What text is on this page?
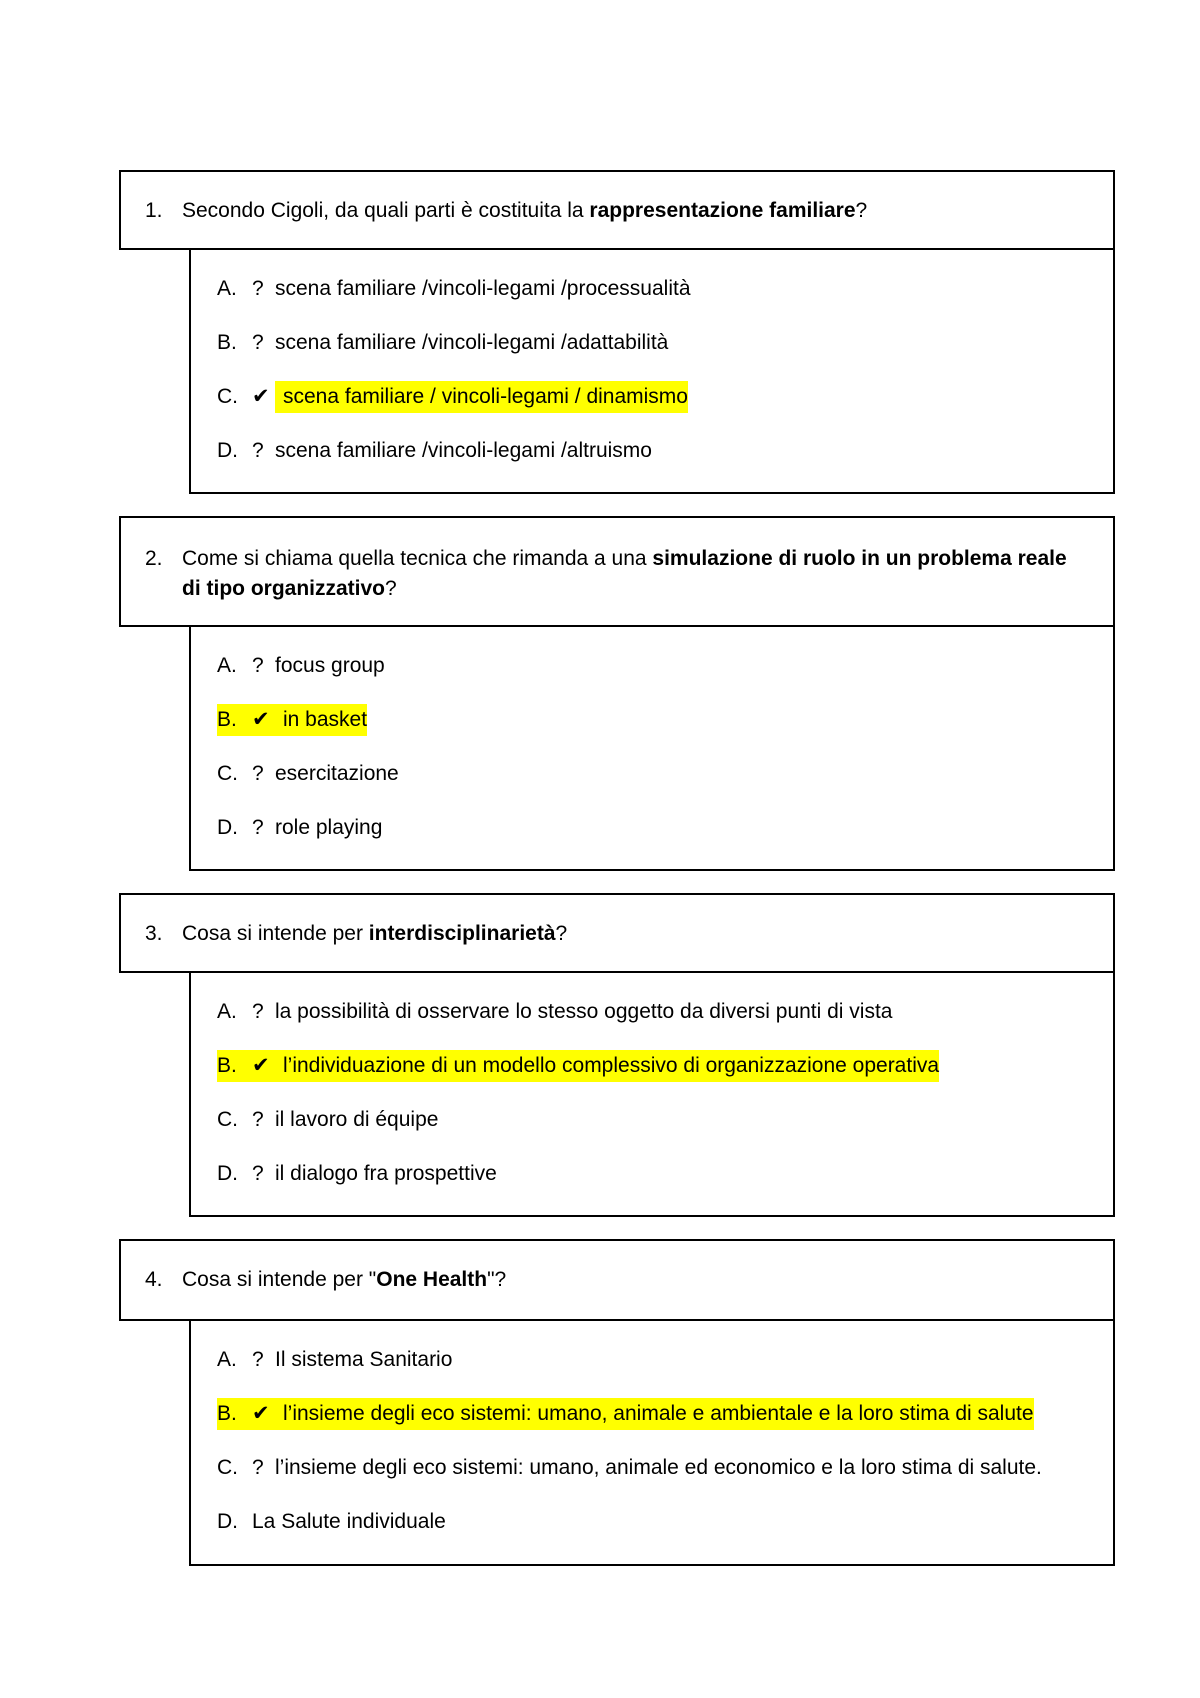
1. Secondo Cigoli, da quali parti è costituita la rappresentazione familiare?
A. ? scena familiare /vincoli-legami /processualità
B. ? scena familiare /vincoli-legami /adattabilità
C. ✔ scena familiare / vincoli-legami / dinamismo
D. ? scena familiare /vincoli-legami /altruismo
2. Come si chiama quella tecnica che rimanda a una simulazione di ruolo in un problema reale di tipo organizzativo?
A. ? focus group
B. ✔ in basket
C. ? esercitazione
D. ? role playing
3. Cosa si intende per interdisciplinarietà?
A. ? la possibilità di osservare lo stesso oggetto da diversi punti di vista
B. ✔ l’individuazione di un modello complessivo di organizzazione operativa
C. ? il lavoro di équipe
D. ? il dialogo fra prospettive
4. Cosa si intende per "One Health"?
A. ? Il sistema Sanitario
B. ✔ l’insieme degli eco sistemi: umano, animale e ambientale e la loro stima di salute
C. ? l’insieme degli eco sistemi: umano, animale ed economico e la loro stima di salute.
D. La Salute individuale
